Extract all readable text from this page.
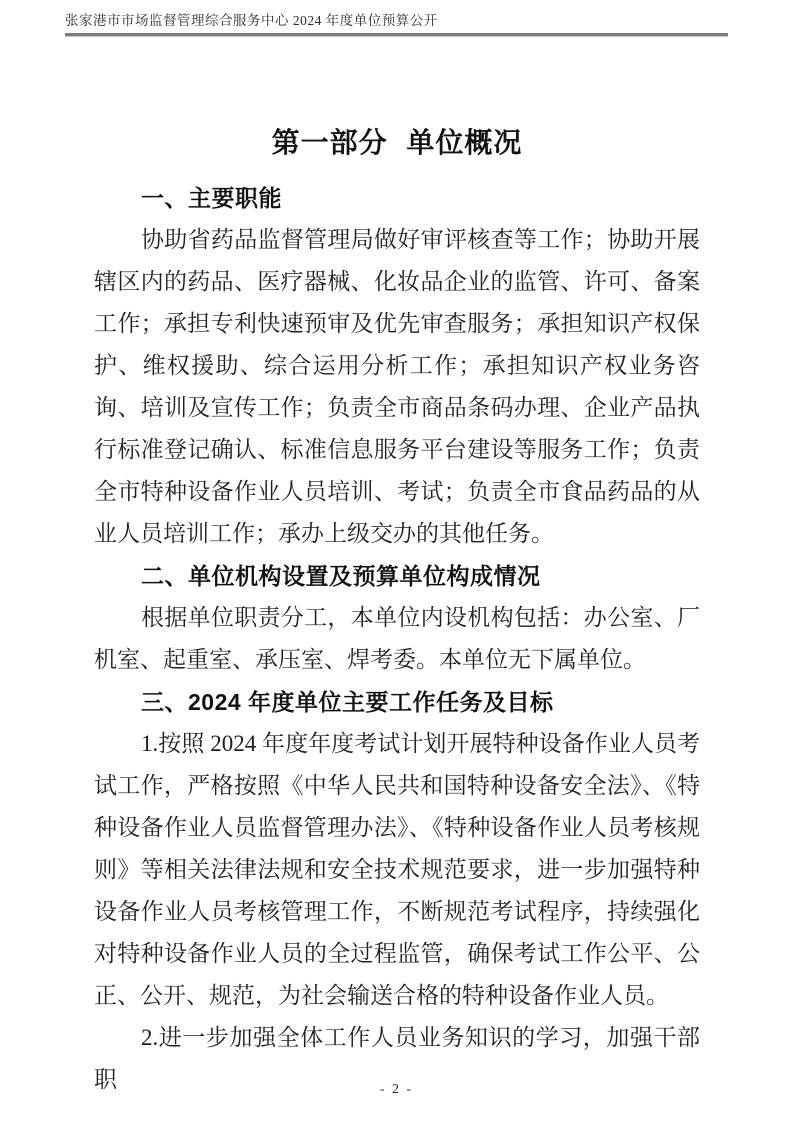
张家港市市场监督管理综合服务中心 2024 年度单位预算公开
第一部分 单位概况
一、主要职能

协助省药品监督管理局做好审评核查等工作；协助开展辖区内的药品、医疗器械、化妆品企业的监管、许可、备案工作；承担专利快速预审及优先审查服务；承担知识产权保护、维权援助、综合运用分析工作；承担知识产权业务咨询、培训及宣传工作；负责全市商品条码办理、企业产品执行标准登记确认、标准信息服务平台建设等服务工作；负责全市特种设备作业人员培训、考试；负责全市食品药品的从业人员培训工作；承办上级交办的其他任务。

二、单位机构设置及预算单位构成情况

根据单位职责分工，本单位内设机构包括：办公室、厂机室、起重室、承压室、焊考委。本单位无下属单位。

三、2024 年度单位主要工作任务及目标

1.按照 2024 年度年度考试计划开展特种设备作业人员考试工作，严格按照《中华人民共和国特种设备安全法》、《特种设备作业人员监督管理办法》、《特种设备作业人员考核规则》等相关法律法规和安全技术规范要求，进一步加强特种设备作业人员考核管理工作，不断规范考试程序，持续强化对特种设备作业人员的全过程监管，确保考试工作公平、公正、公开、规范，为社会输送合格的特种设备作业人员。

2.进一步加强全体工作人员业务知识的学习，加强干部职	- 2 -
